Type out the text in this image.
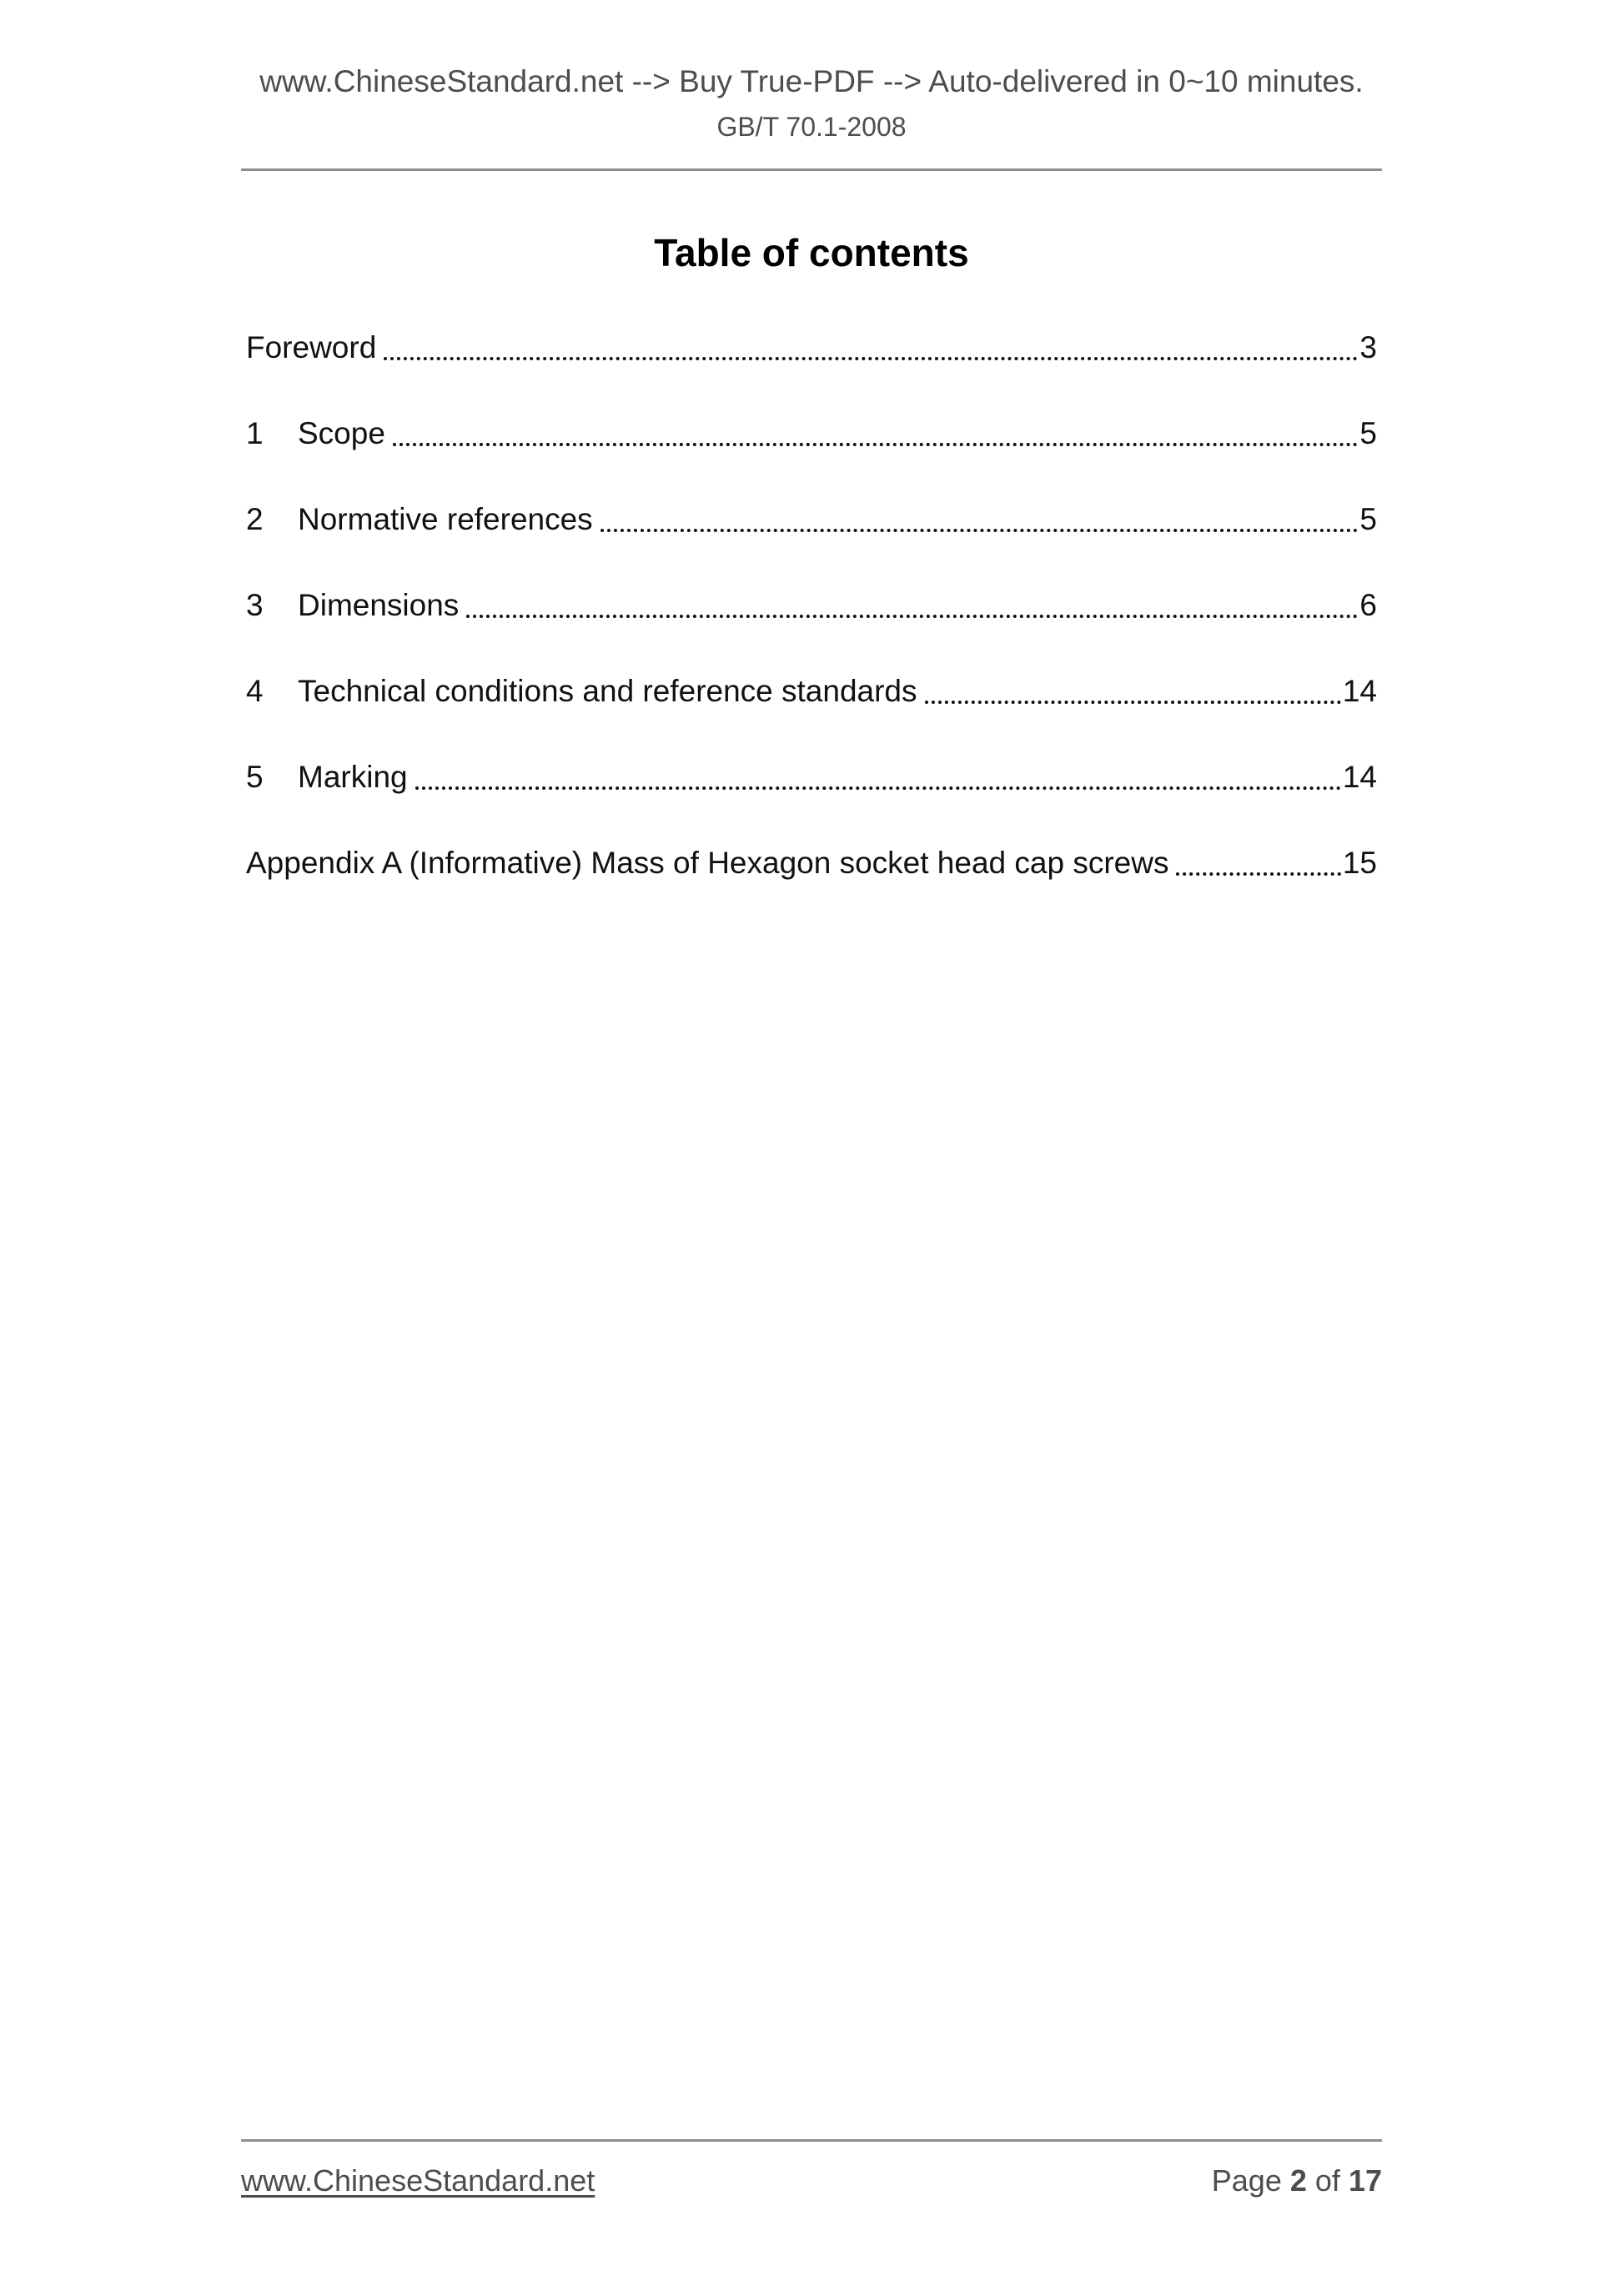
www.ChineseStandard.net --> Buy True-PDF --> Auto-delivered in 0~10 minutes.
GB/T 70.1-2008
Table of contents
Foreword	3
1	Scope	5
2	Normative references	5
3	Dimensions	6
4	Technical conditions and reference standards	14
5	Marking	14
Appendix A (Informative) Mass of Hexagon socket head cap screws	15
www.ChineseStandard.net	Page 2 of 17
